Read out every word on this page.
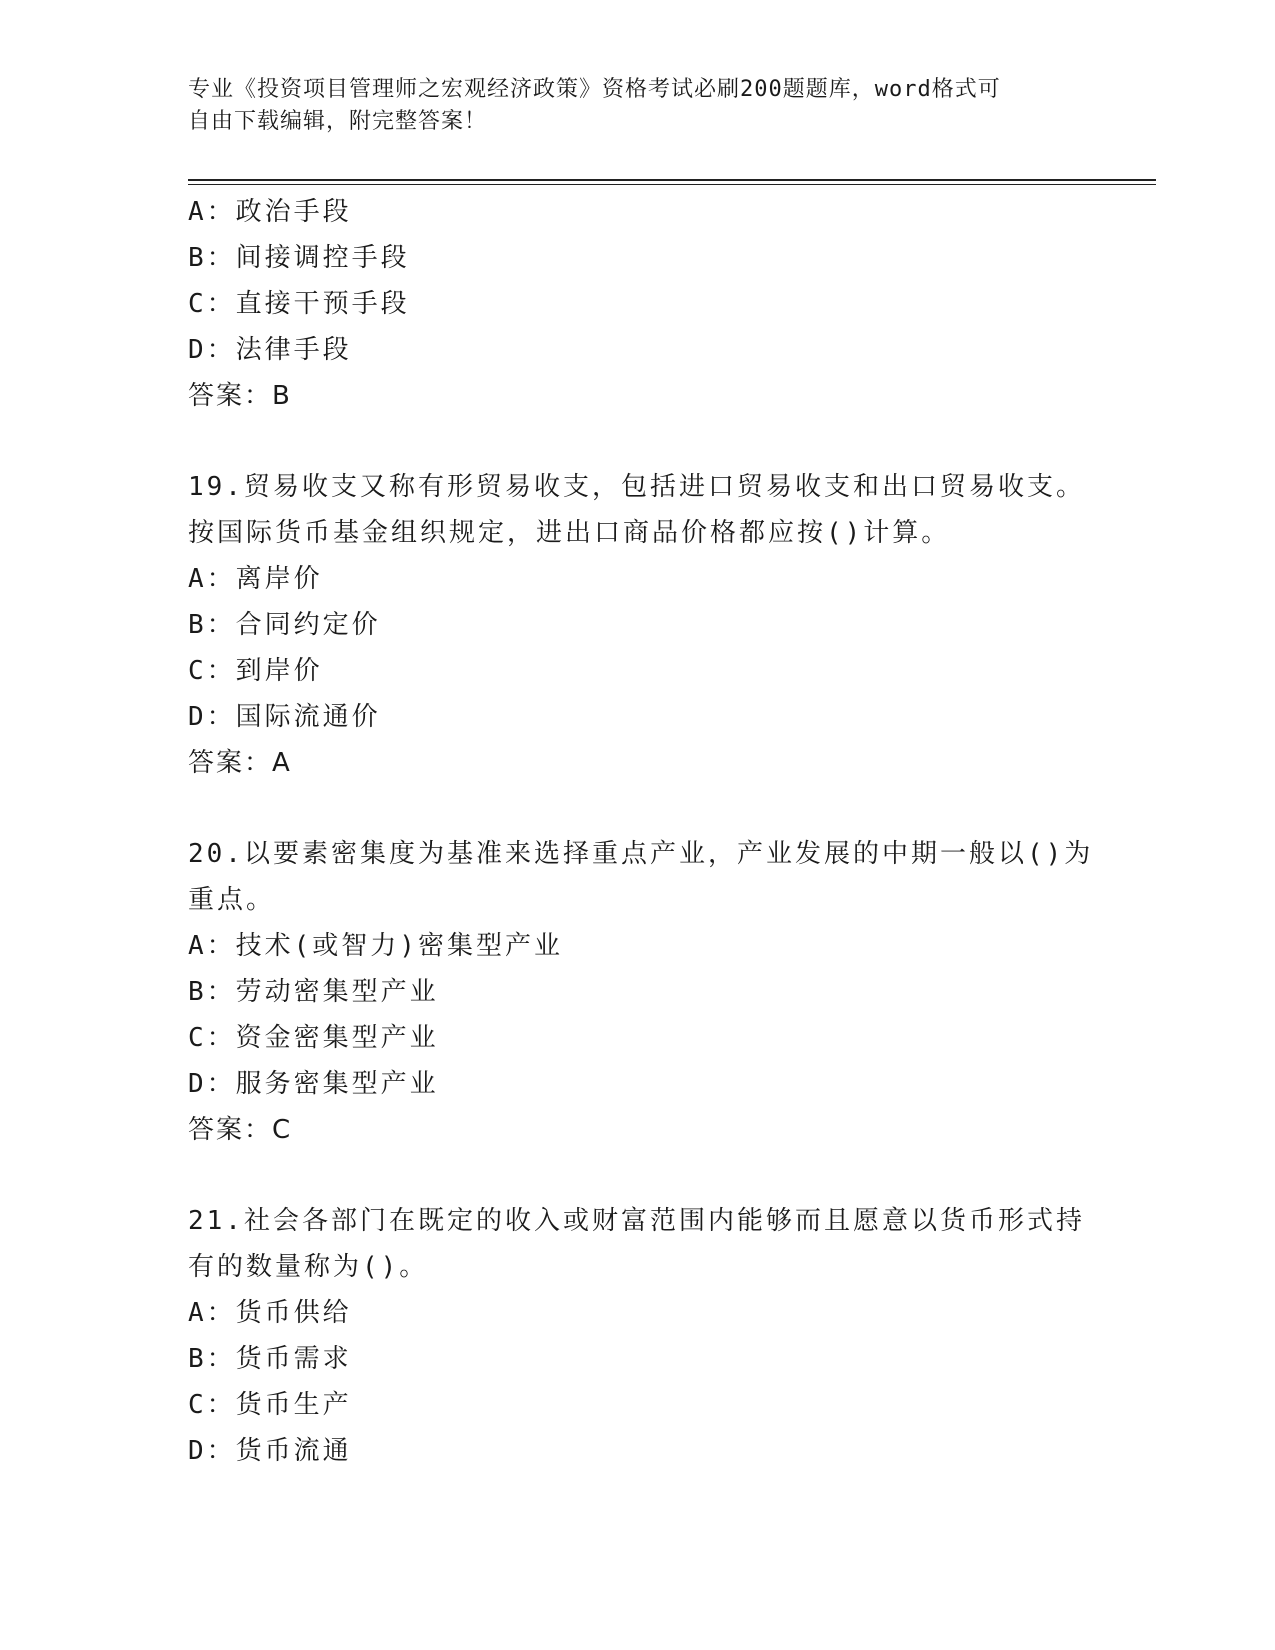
专业《投资项目管理师之宏观经济政策》资格考试必刷200题题库，word格式可
自由下载编辑，附完整答案！
A：政治手段
B：间接调控手段
C：直接干预手段
D：法律手段
答案：B
19.贸易收支又称有形贸易收支，包括进口贸易收支和出口贸易收支。
按国际货币基金组织规定，进出口商品价格都应按()计算。
A：离岸价
B：合同约定价
C：到岸价
D：国际流通价
答案：A
20.以要素密集度为基准来选择重点产业，产业发展的中期一般以()为
重点。
A：技术(或智力)密集型产业
B：劳动密集型产业
C：资金密集型产业
D：服务密集型产业
答案：C
21.社会各部门在既定的收入或财富范围内能够而且愿意以货币形式持
有的数量称为()。
A：货币供给
B：货币需求
C：货币生产
D：货币流通
